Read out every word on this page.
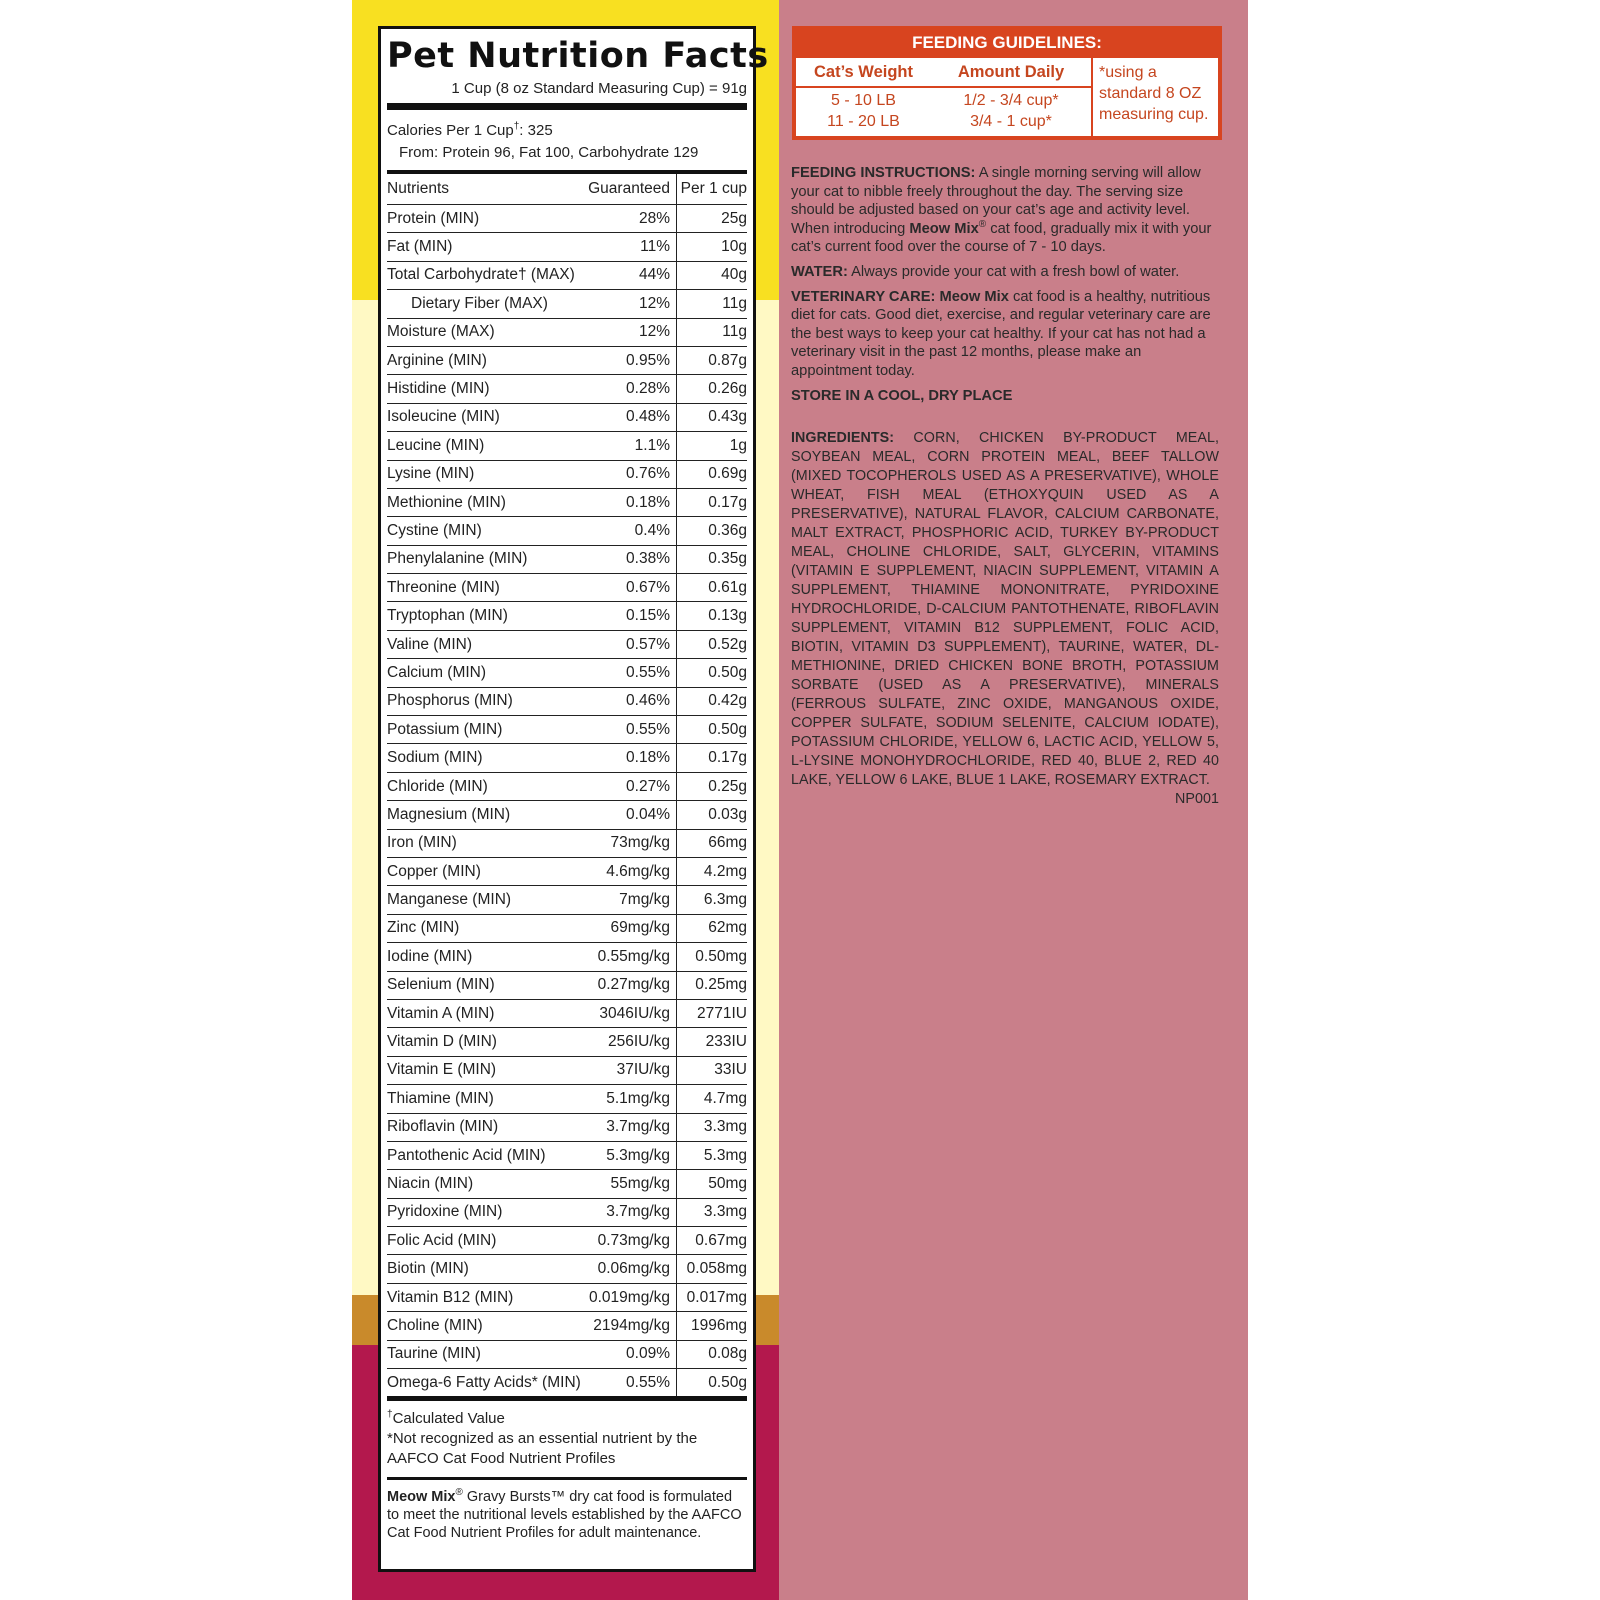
Pet Nutrition Facts
1 Cup (8 oz Standard Measuring Cup) = 91g
Calories Per 1 Cup†: 325
From: Protein 96, Fat 100, Carbohydrate 129
Nutrients	Guaranteed	Per 1 cup
Protein (MIN)	28%	25g
Fat (MIN)	11%	10g
Total Carbohydrate† (MAX)	44%	40g
Dietary Fiber (MAX)	12%	11g
Moisture (MAX)	12%	11g
Arginine (MIN)	0.95%	0.87g
Histidine (MIN)	0.28%	0.26g
Isoleucine (MIN)	0.48%	0.43g
Leucine (MIN)	1.1%	1g
Lysine (MIN)	0.76%	0.69g
Methionine (MIN)	0.18%	0.17g
Cystine (MIN)	0.4%	0.36g
Phenylalanine (MIN)	0.38%	0.35g
Threonine (MIN)	0.67%	0.61g
Tryptophan (MIN)	0.15%	0.13g
Valine (MIN)	0.57%	0.52g
Calcium (MIN)	0.55%	0.50g
Phosphorus (MIN)	0.46%	0.42g
Potassium (MIN)	0.55%	0.50g
Sodium (MIN)	0.18%	0.17g
Chloride (MIN)	0.27%	0.25g
Magnesium (MIN)	0.04%	0.03g
Iron (MIN)	73mg/kg	66mg
Copper (MIN)	4.6mg/kg	4.2mg
Manganese (MIN)	7mg/kg	6.3mg
Zinc (MIN)	69mg/kg	62mg
Iodine (MIN)	0.55mg/kg	0.50mg
Selenium (MIN)	0.27mg/kg	0.25mg
Vitamin A (MIN)	3046IU/kg	2771IU
Vitamin D (MIN)	256IU/kg	233IU
Vitamin E (MIN)	37IU/kg	33IU
Thiamine (MIN)	5.1mg/kg	4.7mg
Riboflavin (MIN)	3.7mg/kg	3.3mg
Pantothenic Acid (MIN)	5.3mg/kg	5.3mg
Niacin (MIN)	55mg/kg	50mg
Pyridoxine (MIN)	3.7mg/kg	3.3mg
Folic Acid (MIN)	0.73mg/kg	0.67mg
Biotin (MIN)	0.06mg/kg	0.058mg
Vitamin B12 (MIN)	0.019mg/kg	0.017mg
Choline (MIN)	2194mg/kg	1996mg
Taurine (MIN)	0.09%	0.08g
Omega-6 Fatty Acids* (MIN)	0.55%	0.50g
†Calculated Value
*Not recognized as an essential nutrient by the AAFCO Cat Food Nutrient Profiles
Meow Mix® Gravy Bursts™ dry cat food is formulated to meet the nutritional levels established by the AAFCO Cat Food Nutrient Profiles for adult maintenance.
FEEDING GUIDELINES:
Cat’s Weight	Amount Daily
5 - 10 LB	1/2 - 3/4 cup*
11 - 20 LB	3/4 - 1 cup*
*using a standard 8 OZ measuring cup.

FEEDING INSTRUCTIONS: A single morning serving will allow your cat to nibble freely throughout the day. The serving size should be adjusted based on your cat’s age and activity level. When introducing Meow Mix® cat food, gradually mix it with your cat’s current food over the course of 7 - 10 days.

WATER: Always provide your cat with a fresh bowl of water.

VETERINARY CARE: Meow Mix cat food is a healthy, nutritious diet for cats. Good diet, exercise, and regular veterinary care are the best ways to keep your cat healthy. If your cat has not had a veterinary visit in the past 12 months, please make an appointment today.

STORE IN A COOL, DRY PLACE
INGREDIENTS: CORN, CHICKEN BY-PRODUCT MEAL, SOYBEAN MEAL, CORN PROTEIN MEAL, BEEF TALLOW (MIXED TOCOPHEROLS USED AS A PRESERVATIVE), WHOLE WHEAT, FISH MEAL (ETHOXYQUIN USED AS A PRESERVATIVE), NATURAL FLAVOR, CALCIUM CARBONATE, MALT EXTRACT, PHOSPHORIC ACID, TURKEY BY-PRODUCT MEAL, CHOLINE CHLORIDE, SALT, GLYCERIN, VITAMINS (VITAMIN E SUPPLEMENT, NIACIN SUPPLEMENT, VITAMIN A SUPPLEMENT, THIAMINE MONONITRATE, PYRIDOXINE HYDROCHLORIDE, D-CALCIUM PANTOTHENATE, RIBOFLAVIN SUPPLEMENT, VITAMIN B12 SUPPLEMENT, FOLIC ACID, BIOTIN, VITAMIN D3 SUPPLEMENT), TAURINE, WATER, DL-METHIONINE, DRIED CHICKEN BONE BROTH, POTASSIUM SORBATE (USED AS A PRESERVATIVE), MINERALS (FERROUS SULFATE, ZINC OXIDE, MANGANOUS OXIDE, COPPER SULFATE, SODIUM SELENITE, CALCIUM IODATE), POTASSIUM CHLORIDE, YELLOW 6, LACTIC ACID, YELLOW 5, L-LYSINE MONOHYDROCHLORIDE, RED 40, BLUE 2, RED 40 LAKE, YELLOW 6 LAKE, BLUE 1 LAKE, ROSEMARY EXTRACT.
NP001
